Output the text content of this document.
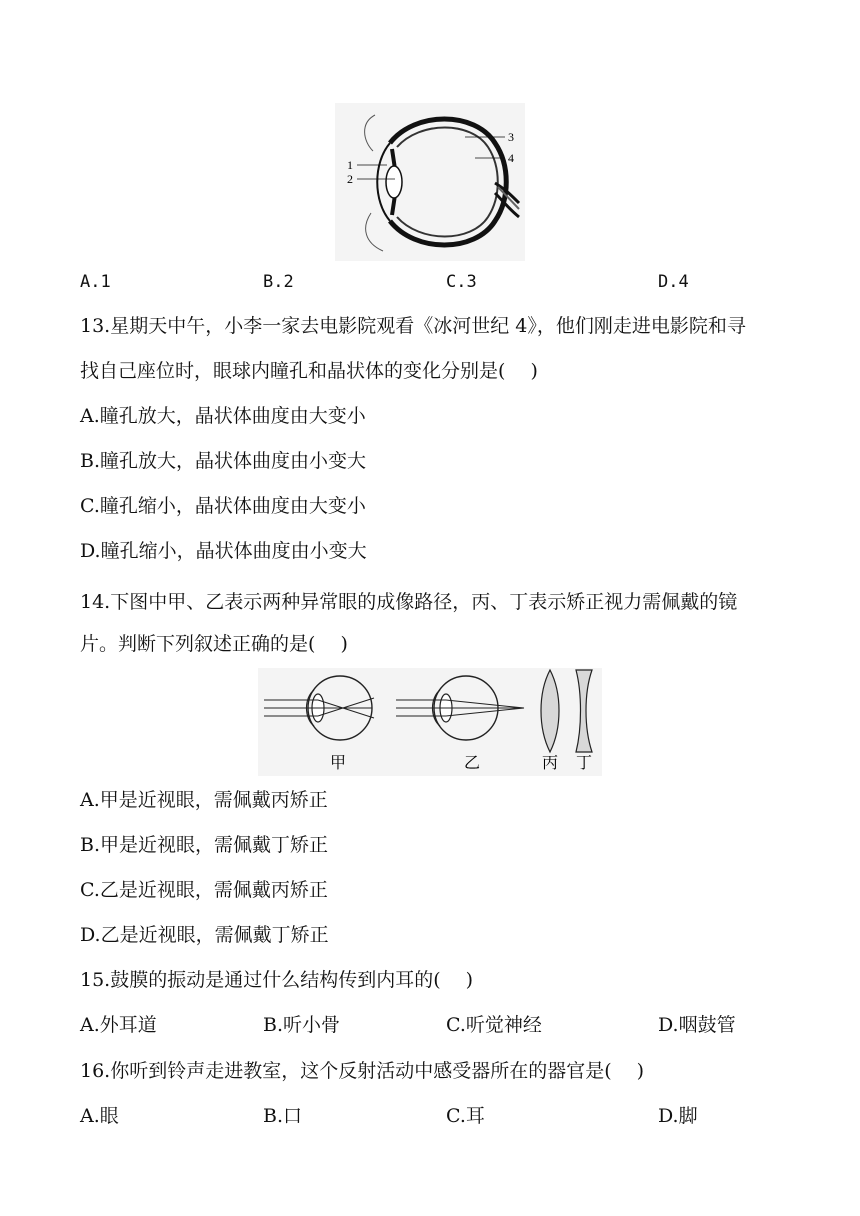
1
2
3
4
A.1	B.2	C.3	D.4
13.星期天中午，小李一家去电影院观看《冰河世纪 4》，他们刚走进电影院和寻
找自己座位时，眼球内瞳孔和晶状体的变化分别是(　 )
A.瞳孔放大，晶状体曲度由大变小
B.瞳孔放大，晶状体曲度由小变大
C.瞳孔缩小，晶状体曲度由大变小
D.瞳孔缩小，晶状体曲度由小变大
14.下图中甲、乙表示两种异常眼的成像路径，丙、丁表示矫正视力需佩戴的镜
片。判断下列叙述正确的是(　 )
甲	乙	丙 丁
A.甲是近视眼，需佩戴丙矫正
B.甲是近视眼，需佩戴丁矫正
C.乙是近视眼，需佩戴丙矫正
D.乙是近视眼，需佩戴丁矫正
15.鼓膜的振动是通过什么结构传到内耳的(　 )
A.外耳道	B.听小骨	C.听觉神经	D.咽鼓管
16.你听到铃声走进教室，这个反射活动中感受器所在的器官是(　 )
A.眼	B.口	C.耳	D.脚
